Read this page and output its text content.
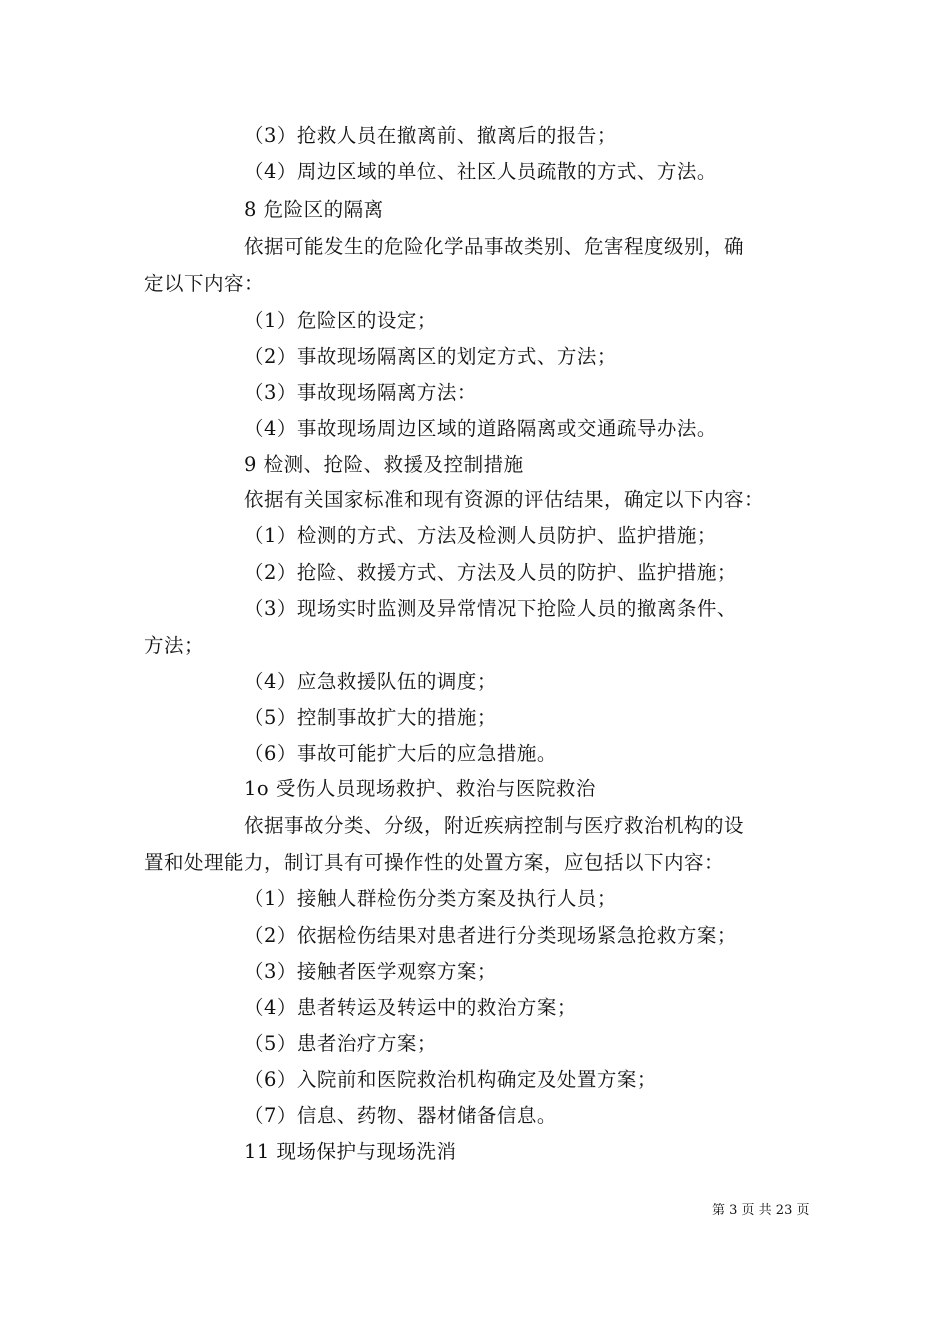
（3）抢救人员在撤离前、撤离后的报告；
（4）周边区域的单位、社区人员疏散的方式、方法。
8 危险区的隔离
依据可能发生的危险化学品事故类别、危害程度级别，确
定以下内容：
（1）危险区的设定；
（2）事故现场隔离区的划定方式、方法；
（3）事故现场隔离方法：
（4）事故现场周边区域的道路隔离或交通疏导办法。
9 检测、抢险、救援及控制措施
依据有关国家标准和现有资源的评估结果，确定以下内容：
（1）检测的方式、方法及检测人员防护、监护措施；
（2）抢险、救援方式、方法及人员的防护、监护措施；
（3）现场实时监测及异常情况下抢险人员的撤离条件、
方法；
（4）应急救援队伍的调度；
（5）控制事故扩大的措施；
（6）事故可能扩大后的应急措施。
1o 受伤人员现场救护、救治与医院救治
依据事故分类、分级，附近疾病控制与医疗救治机构的设
置和处理能力，制订具有可操作性的处置方案，应包括以下内容：
（1）接触人群检伤分类方案及执行人员；
（2）依据检伤结果对患者进行分类现场紧急抢救方案；
（3）接触者医学观察方案；
（4）患者转运及转运中的救治方案；
（5）患者治疗方案；
（6）入院前和医院救治机构确定及处置方案；
（7）信息、药物、器材储备信息。
11 现场保护与现场洗消
第 3 页 共 23 页
